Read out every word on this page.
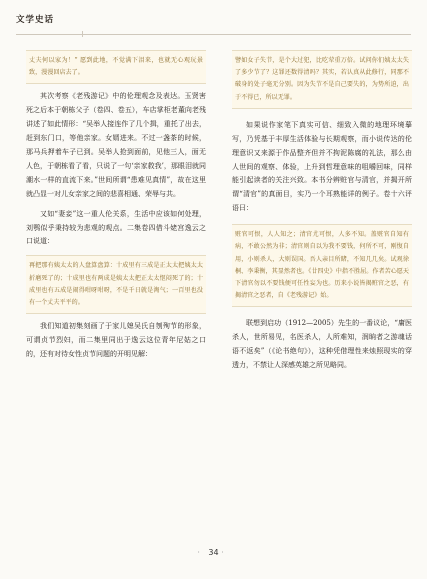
文学史话
丈夫何以家为！” 愿到此地，不觉满下泪来，也就无心观玩景致，漫漫回店去了。

其次考察《老残游记》中的伦理观念及表达。玉贤害死之后本于朝栋父子（卷四、卷五），车店掌柜老董向老残讲述了如此情形：“吴举人接连作了几个揖，重托了出去，赶到东门口，等他亲家。女婿进来。不过一盏茶的时候，那马兵押着车子已到。吴举人抢到面前，见他三人，面无人色，于朝栋看了看，只说了一句‘亲家救我’，那眼泪就同潮水一样的直流下来。”世间所谓“患难见真情”，故在这里就凸显一对儿女亲家之间的悲喜相通、荣辱与共。

又如“妻妾”这一重人伦关系，生活中应该如何处理，刘鹗似乎秉持较为悲观的观点。二集卷四借斗姥宫逸云之口说道：

再把那有姨太太的人盘算盘算：十成里有三成是正太太把姨太太折磨死了的；十成里也有两成是姨太太把正太太怄闷死了的；十成里也有五成是闹得咁呀咁呀，不是千日就是淘气；一百里也没有一个丈夫平平的。

我们知道初集刻画了于家儿媳吴氏自刎殉节的形象，可谓贞节烈妇，而二集里同出于逸云这位青年尼姑之口的，还有对待女性贞节问题的开明见解：

譬如女子失节，是个大过犯，比吃荤重万倍。试问你们姨太太失了多少节了？这罪还数得清吗？其实，若认真从此修行，同那不破身的处子毫无分别。因为失节不是自己要失的，为势所迫，出于不得已，所以无罪。

如果说作家笔下真实可信、细致入微的地理环境摹写，乃凭基于丰厚生活体验与长期观察，而小说传达的伦理意识又来源于作品整齐但并不拘泥陈腐的礼法，那么由人世间的观察、体验，上升到哲理意味的咀嚼回味，同样能引起读者的关注兴致。本书分辨赃官与清官，并揭开所谓“清官”的真面目，实乃一个耳熟能详的例子。卷十六评语曰：

赃官可恨，人人知之；清官尤可恨，人多不知。盖赃官自知有病，不敢公然为非；清官则自以为我不要钱，何所不可，刚愎自用，小则杀人，大则误国。吾人亲目所睹，不知几几矣。试观徐桐、李秉衡，其显然者也。《廿四史》中指不胜屈。作者苦心愿天下清官勿以不要钱便可任性妄为也。历来小说皆揭赃官之恶，有揭清官之恶者，自《老残游记》始。

联想到启功（1912—2005）先生的一番议论，“庸医杀人，世所易见，名医杀人，人所难知，润晌者之游魂话语不返矣”（《论书绝句》），这种凭借理性来烛照现实的穿透力，不禁让人深感英雄之所见略同。

· 34 ·
